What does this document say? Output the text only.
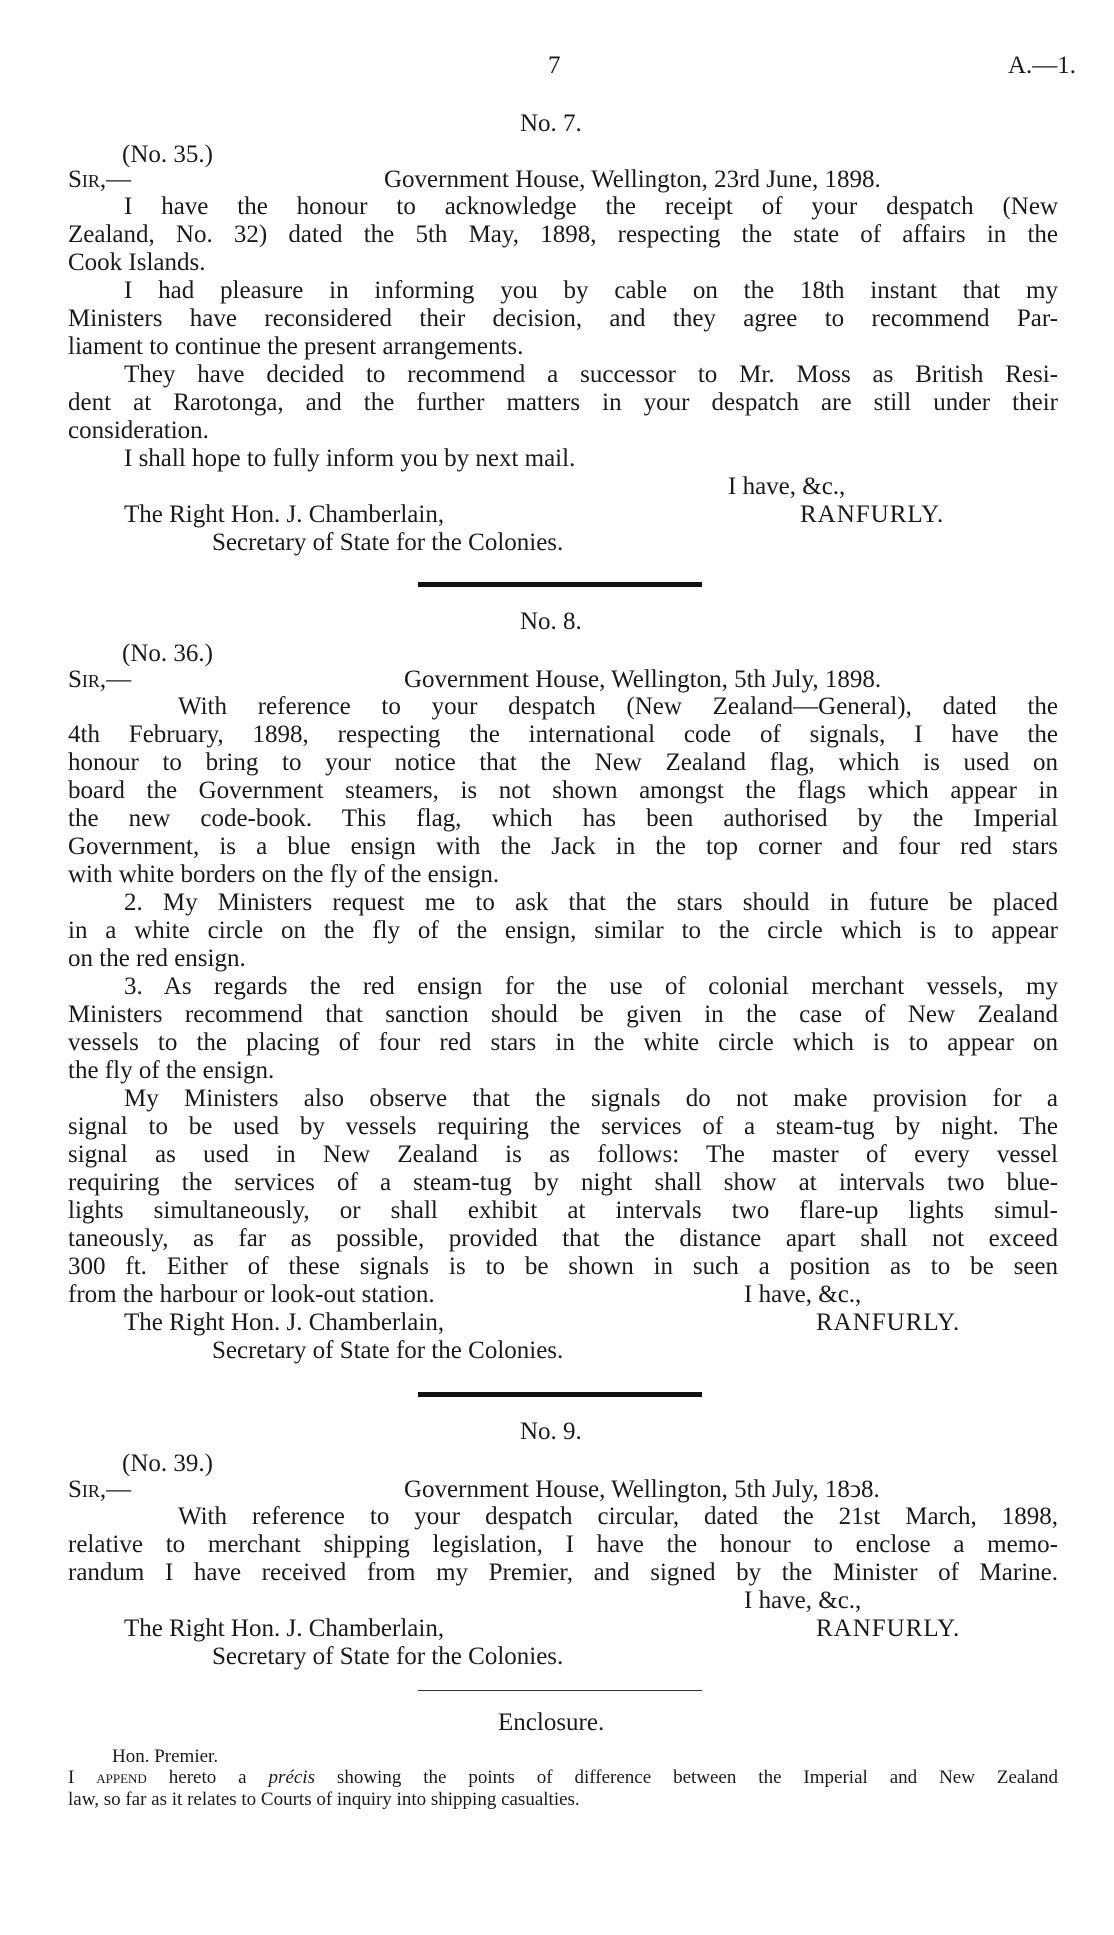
7	A.—1.
No. 7.
(No. 35.)
Sir,—	Government House, Wellington, 23rd June, 1898.
I have the honour to acknowledge the receipt of your despatch (New
Zealand, No. 32) dated the 5th May, 1898, respecting the state of affairs in the
Cook Islands.
I had pleasure in informing you by cable on the 18th instant that my
Ministers have reconsidered their decision, and they agree to recommend Par-
liament to continue the present arrangements.
They have decided to recommend a successor to Mr. Moss as British Resi-
dent at Rarotonga, and the further matters in your despatch are still under their
consideration.
I shall hope to fully inform you by next mail.
I have, &c.,
The Right Hon. J. Chamberlain,	RANFURLY.
Secretary of State for the Colonies.
No. 8.
(No. 36.)
Sir,—	Government House, Wellington, 5th July, 1898.
With reference to your despatch (New Zealand—General), dated the
4th February, 1898, respecting the international code of signals, I have the
honour to bring to your notice that the New Zealand flag, which is used on
board the Government steamers, is not shown amongst the flags which appear in
the new code-book. This flag, which has been authorised by the Imperial
Government, is a blue ensign with the Jack in the top corner and four red stars
with white borders on the fly of the ensign.
2. My Ministers request me to ask that the stars should in future be placed
in a white circle on the fly of the ensign, similar to the circle which is to appear
on the red ensign.
3. As regards the red ensign for the use of colonial merchant vessels, my
Ministers recommend that sanction should be given in the case of New Zealand
vessels to the placing of four red stars in the white circle which is to appear on
the fly of the ensign.
My Ministers also observe that the signals do not make provision for a
signal to be used by vessels requiring the services of a steam-tug by night. The
signal as used in New Zealand is as follows: The master of every vessel
requiring the services of a steam-tug by night shall show at intervals two blue-
lights simultaneously, or shall exhibit at intervals two flare-up lights simul-
taneously, as far as possible, provided that the distance apart shall not exceed
300 ft. Either of these signals is to be shown in such a position as to be seen
from the harbour or look-out station.	I have, &c.,
The Right Hon. J. Chamberlain,	RANFURLY.
Secretary of State for the Colonies.
No. 9.
(No. 39.)
Sir,—	Government House, Wellington, 5th July, 18ↄ8.
With reference to your despatch circular, dated the 21st March, 1898,
relative to merchant shipping legislation, I have the honour to enclose a memo-
randum I have received from my Premier, and signed by the Minister of Marine.
I have, &c.,
The Right Hon. J. Chamberlain,	RANFURLY.
Secretary of State for the Colonies.
Enclosure.
Hon. Premier.
I append hereto a précis showing the points of difference between the Imperial and New Zealand
law, so far as it relates to Courts of inquiry into shipping casualties.
